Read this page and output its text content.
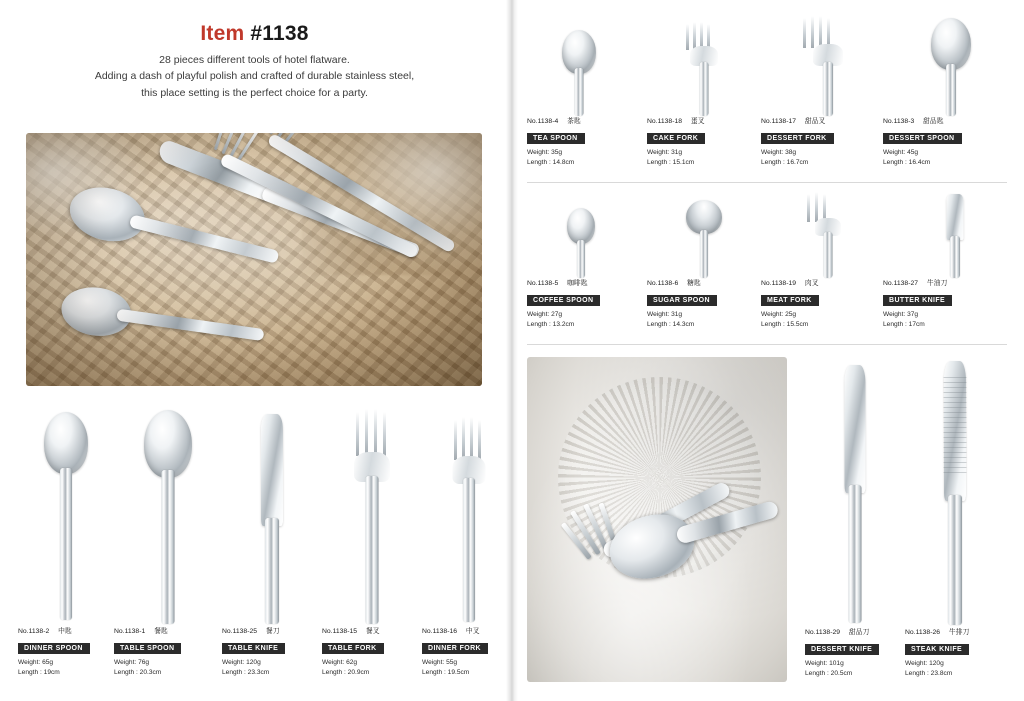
Item #1138
28 pieces different tools of hotel flatware.
Adding a dash of playful polish and crafted of durable stainless steel,
this place setting is the perfect choice for a party.
No.1138-2 中匙
DINNER SPOON
Weight: 65g
Length : 19cm
No.1138-1 餐匙
TABLE SPOON
Weight: 76g
Length : 20.3cm
No.1138-25 餐刀
TABLE KNIFE
Weight: 120g
Length : 23.3cm
No.1138-15 餐叉
TABLE FORK
Weight: 62g
Length : 20.9cm
No.1138-16 中叉
DINNER FORK
Weight: 55g
Length : 19.5cm
No.1138-4 茶匙
TEA SPOON
Weight: 35g
Length : 14.8cm
No.1138-18 蛋叉
CAKE FORK
Weight: 31g
Length : 15.1cm
No.1138-17 甜品叉
DESSERT FORK
Weight: 38g
Length : 16.7cm
No.1138-3 甜品匙
DESSERT SPOON
Weight: 45g
Length : 16.4cm
No.1138-5 咖啡匙
COFFEE SPOON
Weight: 27g
Length : 13.2cm
No.1138-6 糖匙
SUGAR SPOON
Weight: 31g
Length : 14.3cm
No.1138-19 肉叉
MEAT FORK
Weight: 25g
Length : 15.5cm
No.1138-27 牛油刀
BUTTER KNIFE
Weight: 37g
Length : 17cm
No.1138-29 甜品刀
DESSERT KNIFE
Weight: 101g
Length : 20.5cm
No.1138-26 牛排刀
STEAK KNIFE
Weight: 120g
Length : 23.8cm
